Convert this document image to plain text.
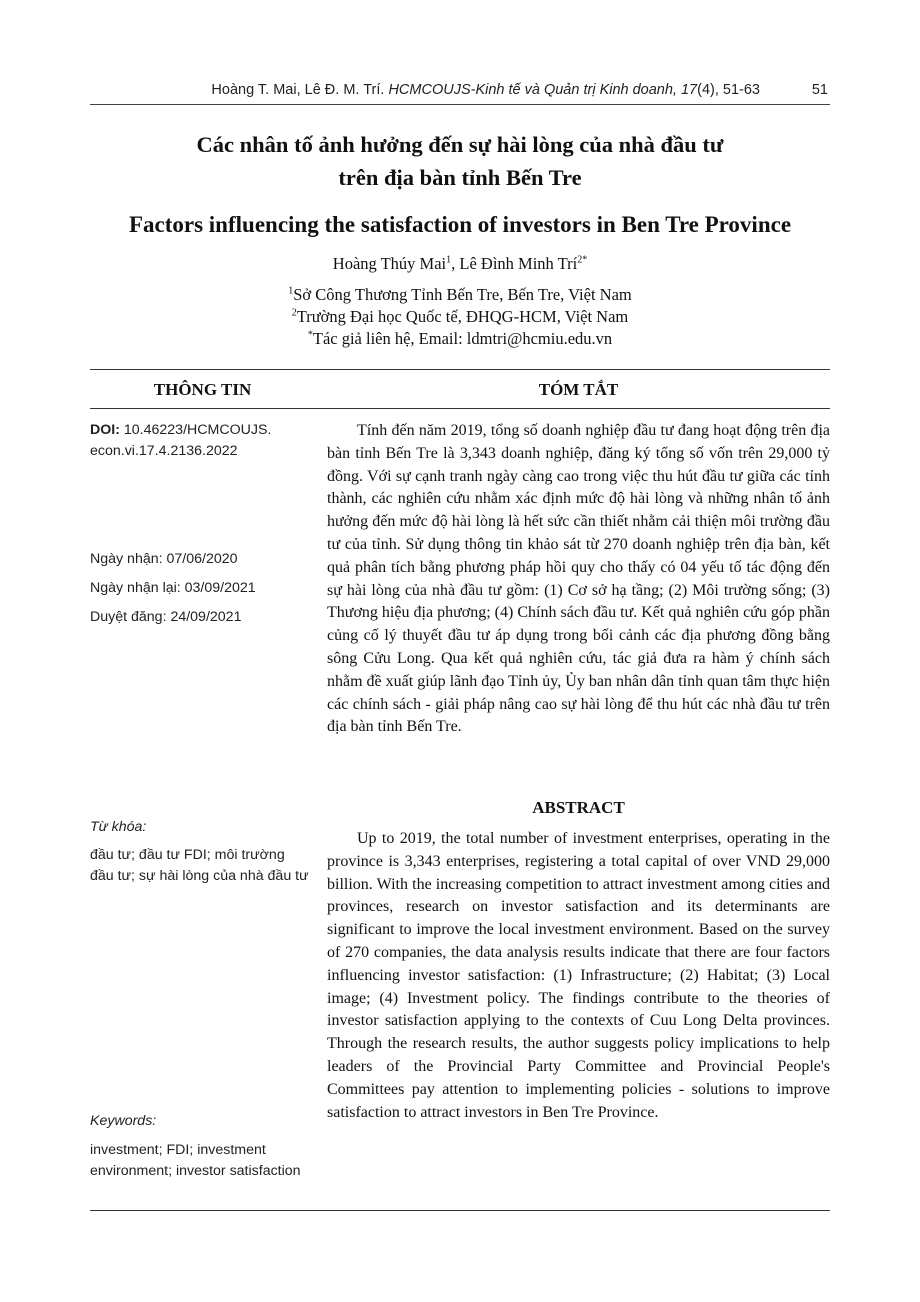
Hoàng T. Mai, Lê Đ. M. Trí. HCMCOUJS-Kinh tế và Quản trị Kinh doanh, 17(4), 51-63	51
Các nhân tố ảnh hưởng đến sự hài lòng của nhà đầu tư
trên địa bàn tỉnh Bến Tre
Factors influencing the satisfaction of investors in Ben Tre Province
Hoàng Thúy Mai$^1$, Lê Đình Minh Trí$^{2*}$
$^1$Sở Công Thương Tỉnh Bến Tre, Bến Tre, Việt Nam
$^2$Trường Đại học Quốc tế, ĐHQG-HCM, Việt Nam
*Tác giả liên hệ, Email: ldmtri@hcmiu.edu.vn
THÔNG TIN	TÓM TẮT
DOI: 10.46223/HCMCOUJS.
econ.vi.17.4.2136.2022
Ngày nhận: 07/06/2020
Ngày nhận lại: 03/09/2021
Duyệt đăng: 24/09/2021
Từ khóa:
đầu tư; đầu tư FDI; môi trường đầu tư; sự hài lòng của nhà đầu tư
Keywords:
investment; FDI; investment environment; investor satisfaction
Tính đến năm 2019, tổng số doanh nghiệp đầu tư đang hoạt động trên địa bàn tỉnh Bến Tre là 3,343 doanh nghiệp, đăng ký tổng số vốn trên 29,000 tỷ đồng. Với sự cạnh tranh ngày càng cao trong việc thu hút đầu tư giữa các tỉnh thành, các nghiên cứu nhằm xác định mức độ hài lòng và những nhân tố ảnh hưởng đến mức độ hài lòng là hết sức cần thiết nhằm cải thiện môi trường đầu tư của tỉnh. Sử dụng thông tin khảo sát từ 270 doanh nghiệp trên địa bàn, kết quả phân tích bằng phương pháp hồi quy cho thấy có 04 yếu tố tác động đến sự hài lòng của nhà đầu tư gồm: (1) Cơ sở hạ tầng; (2) Môi trường sống; (3) Thương hiệu địa phương; (4) Chính sách đầu tư. Kết quả nghiên cứu góp phần củng cố lý thuyết đầu tư áp dụng trong bối cảnh các địa phương đồng bằng sông Cửu Long. Qua kết quả nghiên cứu, tác giả đưa ra hàm ý chính sách nhằm đề xuất giúp lãnh đạo Tỉnh ủy, Ủy ban nhân dân tỉnh quan tâm thực hiện các chính sách - giải pháp nâng cao sự hài lòng để thu hút các nhà đầu tư trên địa bàn tỉnh Bến Tre.
ABSTRACT
Up to 2019, the total number of investment enterprises, operating in the province is 3,343 enterprises, registering a total capital of over VND 29,000 billion. With the increasing competition to attract investment among cities and provinces, research on investor satisfaction and its determinants are significant to improve the local investment environment. Based on the survey of 270 companies, the data analysis results indicate that there are four factors influencing investor satisfaction: (1) Infrastructure; (2) Habitat; (3) Local image; (4) Investment policy. The findings contribute to the theories of investor satisfaction applying to the contexts of Cuu Long Delta provinces. Through the research results, the author suggests policy implications to help leaders of the Provincial Party Committee and Provincial People's Committees pay attention to implementing policies - solutions to improve satisfaction to attract investors in Ben Tre Province.
